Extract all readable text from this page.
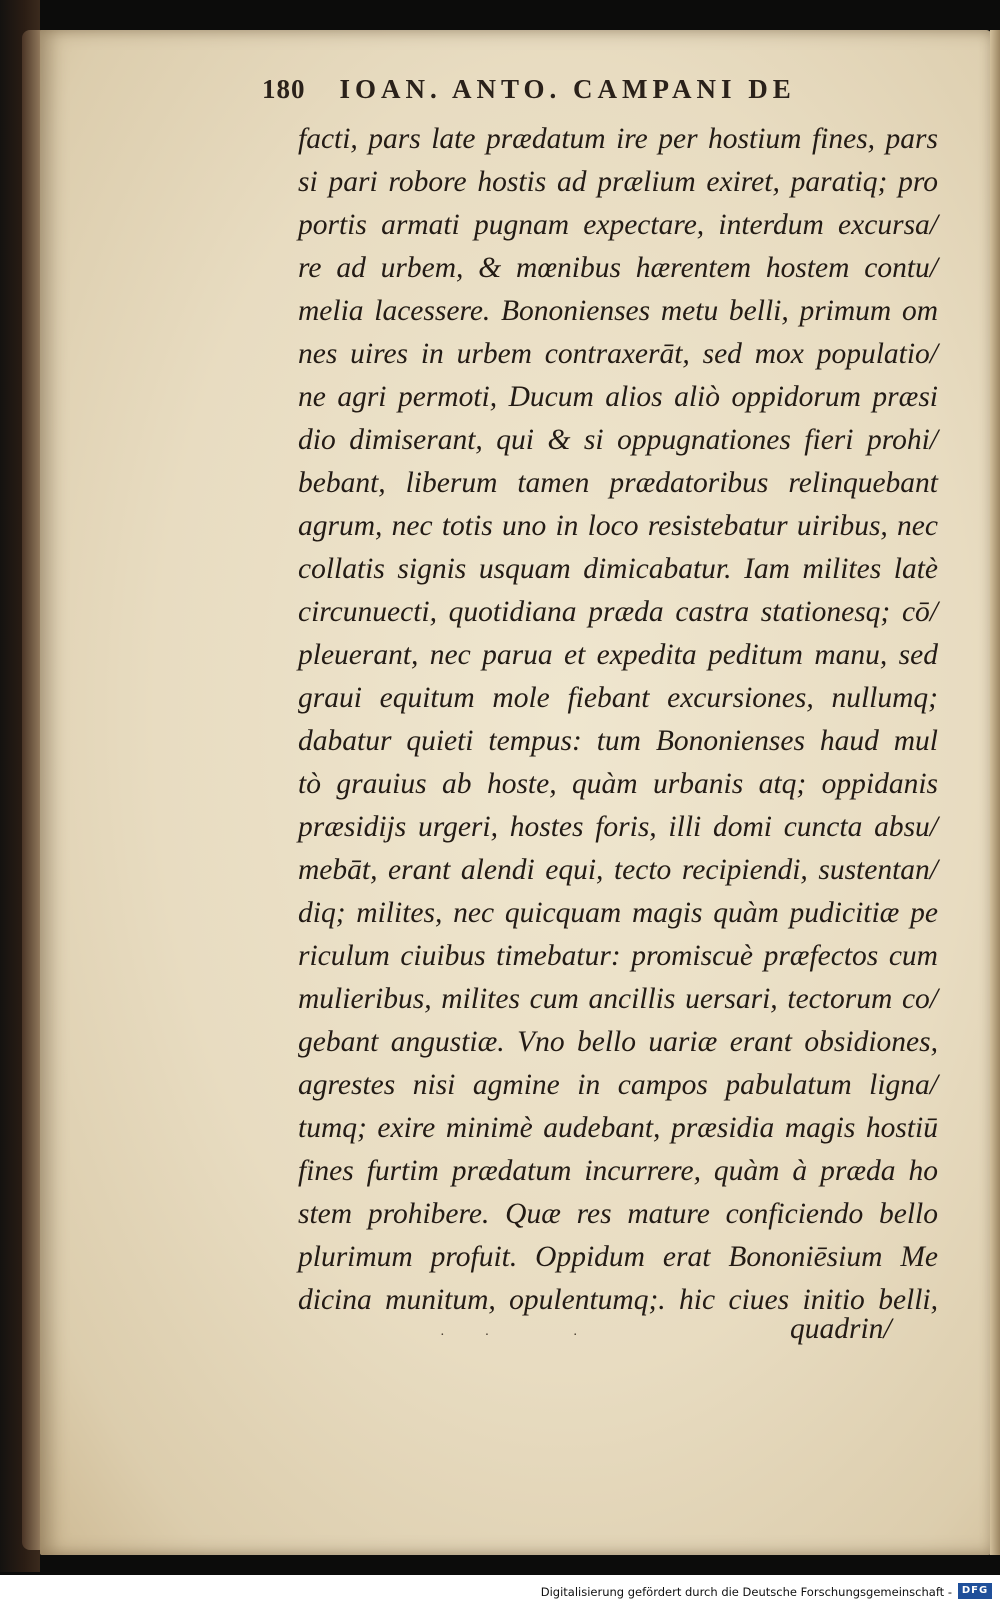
180 IOAN. ANTO. CAMPANI DE
facti, pars late prædatum ire per hostium fines, pars
si pari robore hostis ad prælium exiret, paratiq; pro
portis armati pugnam expectare, interdum excursa/
re ad urbem, & mœnibus hærentem hostem contu/
melia lacessere. Bononienses metu belli, primum om
nes uires in urbem contraxerāt, sed mox populatio/
ne agri permoti, Ducum alios aliò oppidorum præsi
dio dimiserant, qui & si oppugnationes fieri prohi/
bebant, liberum tamen prædatoribus relinquebant
agrum, nec totis uno in loco resistebatur uiribus, nec
collatis signis usquam dimicabatur. Iam milites latè
circunuecti, quotidiana præda castra stationesq; cō/
pleuerant, nec parua et expedita peditum manu, sed
graui equitum mole fiebant excursiones, nullumq;
dabatur quieti tempus: tum Bononienses haud mul
tò grauius ab hoste, quàm urbanis atq; oppidanis
præsidijs urgeri, hostes foris, illi domi cuncta absu/
mebāt, erant alendi equi, tecto recipiendi, sustentan/
diq; milites, nec quicquam magis quàm pudicitiæ pe
riculum ciuibus timebatur: promiscuè præfectos cum
mulieribus, milites cum ancillis uersari, tectorum co/
gebant angustiæ. Vno bello uariæ erant obsidiones,
agrestes nisi agmine in campos pabulatum ligna/
tumq; exire minimè audebant, præsidia magis hostiū
fines furtim prædatum incurrere, quàm à præda ho
stem prohibere. Quæ res mature conficiendo bello
plurimum profuit. Oppidum erat Bononiēsium Me
dicina munitum, opulentumq;. hic ciues initio belli,
quadrin/
·· ·
Digitalisierung gefördert durch die Deutsche Forschungsgemeinschaft - DFG
